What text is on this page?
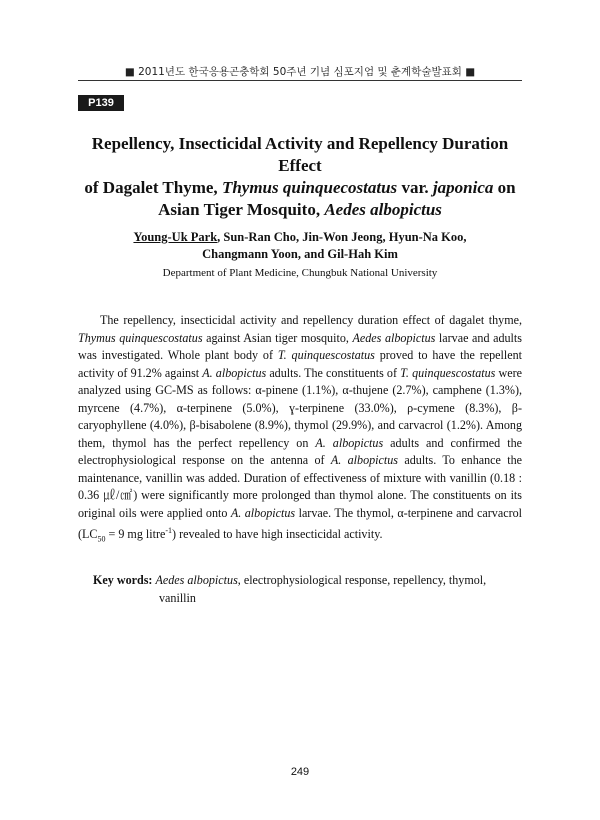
■ 2011년도 한국응용곤충학회 50주년 기념 심포지엄 및 춘계학술발표회 ■
P139
Repellency, Insecticidal Activity and Repellency Duration Effect
of Dagalet Thyme, Thymus quinquecostatus var. japonica on
Asian Tiger Mosquito, Aedes albopictus
Young-Uk Park, Sun-Ran Cho, Jin-Won Jeong, Hyun-Na Koo,
Changmann Yoon, and Gil-Hah Kim
Department of Plant Medicine, Chungbuk National University

The repellency, insecticidal activity and repellency duration effect of dagalet thyme, Thymus quinquescostatus against Asian tiger mosquito, Aedes albopictus larvae and adults was investigated. Whole plant body of T. quinquescostatus proved to have the repellent activity of 91.2% against A. albopictus adults. The constituents of T. quinquescostatus were analyzed using GC-MS as follows: α-pinene (1.1%), α-thujene (2.7%), camphene (1.3%), myrcene (4.7%), α-terpinene (5.0%), ɣ-terpinene (33.0%), ρ-cymene (8.3%), β-caryophyllene (4.0%), β-bisabolene (8.9%), thymol (29.9%), and carvacrol (1.2%). Among them, thymol has the perfect repellency on A. albopictus adults and confirmed the electrophysiological response on the antenna of A. albopictus adults. To enhance the maintenance, vanillin was added. Duration of effectiveness of mixture with vanillin (0.18 : 0.36 ㎕/㎠) were significantly more prolonged than thymol alone. The constituents on its original oils were applied onto A. albopictus larvae. The thymol, α-terpinene and carvacrol ($LC_{50} = 9$ mg litre$^{-1}$) revealed to have high insecticidal activity.

Key words: Aedes albopictus, electrophysiological response, repellency, thymol,
vanillin
249
